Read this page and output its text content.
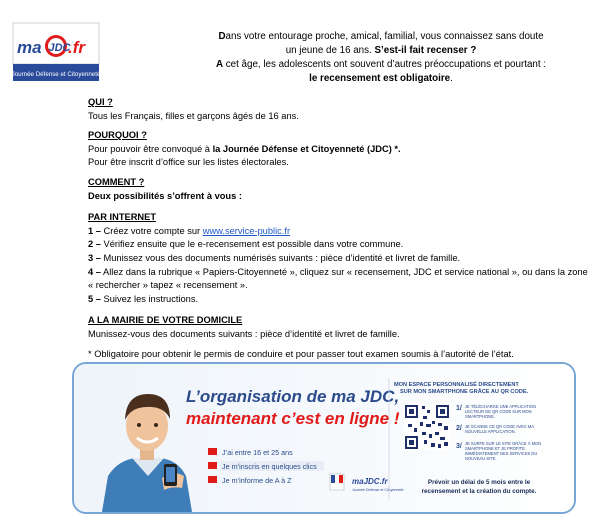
ma JDC
.fr
Journée Défense et Citoyenneté
Dans votre entourage proche, amical, familial, vous connaissez sans doute
un jeune de 16 ans. S’est-il fait recenser ?
A cet âge, les adolescents ont souvent d’autres préoccupations et pourtant :
le recensement est obligatoire.
QUI ?
Tous les Français, filles et garçons âgés de 16 ans.
POURQUOI ?
Pour pouvoir être convoqué à la Journée Défense et Citoyenneté (JDC) *.
Pour être inscrit d’office sur les listes électorales.
COMMENT ?
Deux possibilités s’offrent à vous :
PAR INTERNET
1 – Créez votre compte sur www.service-public.fr
2 – Vérifiez ensuite que le e-recensement est possible dans votre commune.
3 – Munissez vous des documents numérisés suivants : pièce d’identité et livret de famille.
4 – Allez dans la rubrique « Papiers-Citoyenneté », cliquez sur « recensement, JDC et service national », ou dans la zone « rechercher » tapez « recensement ».
5 – Suivez les instructions.
A LA MAIRIE DE VOTRE DOMICILE
Munissez-vous des documents suivants : pièce d’identité et livret de famille.
* Obligatoire pour obtenir le permis de conduire et pour passer tout examen soumis à l’autorité de l’état.
L’organisation de ma JDC,
maintenant c’est en ligne !
J’ai entre 16 et 25 ans
Je m’inscris en quelques clics
Je m’informe de A à Z	maJDC.fr
Journée Défense et Citoyenneté
MON ESPACE PERSONNALISÉ DIRECTEMENT
SUR MON SMARTPHONE GRÂCE AU QR CODE.
1/ JE TÉLÉCHARGE UNE APPLICATION
LECTEUR DE QR CODE SUR MON
SMARTPHONE.
2/ JE SCANNE CE QR CODE AVEC MA
NOUVELLE APPLICATION.
3/ JE SURFE SUR LE SITE GRÂCE À MON
SMARTPHONE ET JE PROFITE
IMMÉDIATEMENT DES SERVICES DU
NOUVEAU SITE.
Prévoir un délai de 5 mois entre le
recensement et la création du compte.
